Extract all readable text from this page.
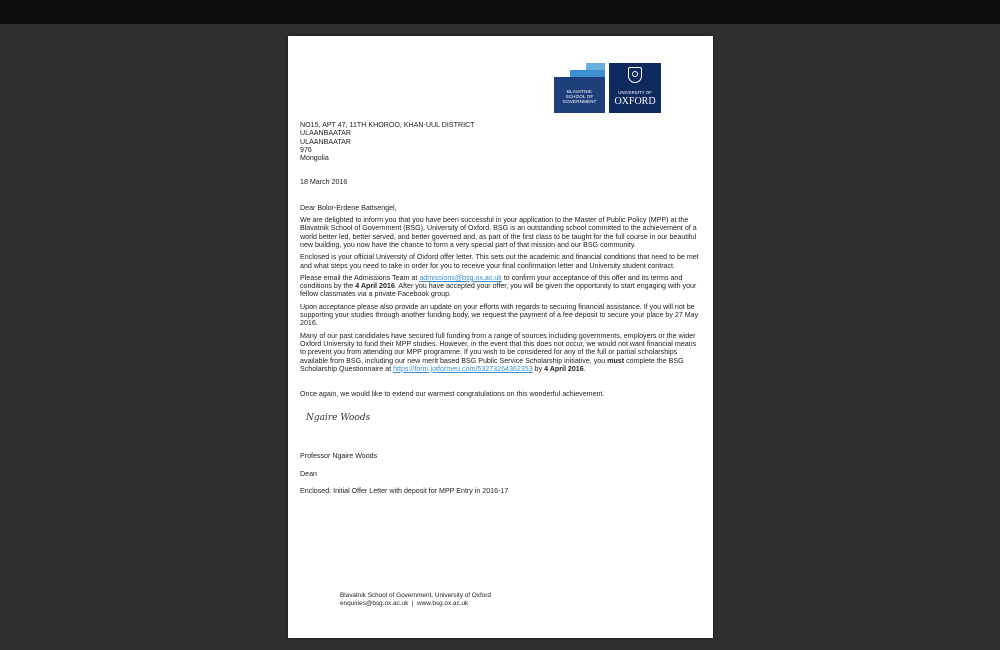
BLAVATNIK
SCHOOL OF
GOVERNMENT
UNIVERSITY OF
OXFORD
NO15, APT 47, 11TH KHOROO, KHAN-UUL DISTRICT
ULAANBAATAR
ULAANBAATAR
976
Mongolia
18 March 2016
Dear Bolor-Erdene Battsengel,

We are delighted to inform you that you have been successful in your application to the Master of Public Policy (MPP) at the Blavatnik School of Government (BSG), University of Oxford. BSG is an outstanding school committed to the achievement of a world better led, better served, and better governed and, as part of the first class to be taught for the full course in our beautiful new building, you now have the chance to form a very special part of that mission and our BSG community.

Enclosed is your official University of Oxford offer letter. This sets out the academic and financial conditions that need to be met and what steps you need to take in order for you to receive your final confirmation letter and University student contract.

Please email the Admissions Team at admissions@bsg.ox.ac.uk to confirm your acceptance of this offer and its terms and conditions by the 4 April 2016. After you have accepted your offer, you will be given the opportunity to start engaging with your fellow classmates via a private Facebook group.

Upon acceptance please also provide an update on your efforts with regards to securing financial assistance. If you will not be supporting your studies through another funding body, we request the payment of a fee deposit to secure your place by 27 May 2016.

Many of our past candidates have secured full funding from a range of sources including governments, employers or the wider Oxford University to fund their MPP studies. However, in the event that this does not occur, we would not want financial means to prevent you from attending our MPP programme. If you wish to be considered for any of the full or partial scholarships available from BSG, including our new merit based BSG Public Service Scholarship initiative, you must complete the BSG Scholarship Questionnaire at https://form.jotformeu.com/53273264362353 by 4 April 2016.

Once again, we would like to extend our warmest congratulations on this wonderful achievement.
Ngaire Woods
Professor Ngaire Woods
Dean
Enclosed: Initial Offer Letter with deposit for MPP Entry in 2016-17
Blavatnik School of Government, University of Oxford
enquiries@bsg.ox.ac.uk  |  www.bsg.ox.ac.uk
